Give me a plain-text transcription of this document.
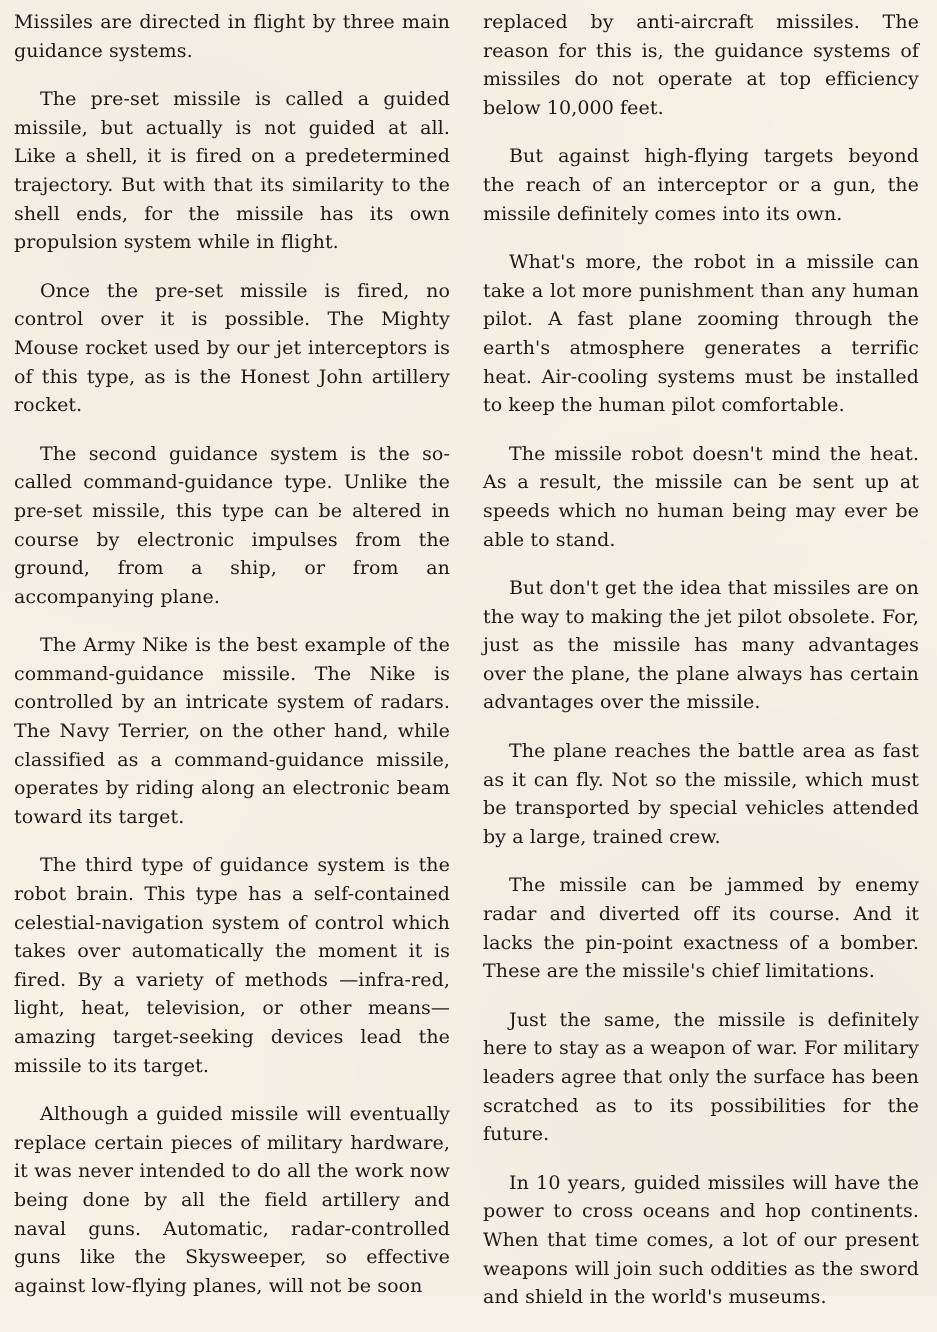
Missiles are directed in flight by three main guidance systems.

The pre-set missile is called a guided missile, but actually is not guided at all. Like a shell, it is fired on a predetermined trajectory. But with that its similarity to the shell ends, for the missile has its own propulsion system while in flight.

Once the pre-set missile is fired, no control over it is possible. The Mighty Mouse rocket used by our jet interceptors is of this type, as is the Honest John artillery rocket.

The second guidance system is the so-called command-guidance type. Unlike the pre-set missile, this type can be altered in course by electronic impulses from the ground, from a ship, or from an accompanying plane.

The Army Nike is the best example of the command-guidance missile. The Nike is controlled by an intricate system of radars. The Navy Terrier, on the other hand, while classified as a command-guidance missile, operates by riding along an electronic beam toward its target.

The third type of guidance system is the robot brain. This type has a self-contained celestial-navigation system of control which takes over automatically the moment it is fired. By a variety of methods —infra-red, light, heat, television, or other means—amazing target-seeking devices lead the missile to its target.

Although a guided missile will eventually replace certain pieces of military hardware, it was never intended to do all the work now being done by all the field artillery and naval guns. Automatic, radar-controlled guns like the Skysweeper, so effective against low-flying planes, will not be soon

replaced by anti-aircraft missiles. The reason for this is, the guidance systems of missiles do not operate at top efficiency below 10,000 feet.

But against high-flying targets beyond the reach of an interceptor or a gun, the missile definitely comes into its own.

What's more, the robot in a missile can take a lot more punishment than any human pilot. A fast plane zooming through the earth's atmosphere generates a terrific heat. Air-cooling systems must be installed to keep the human pilot comfortable.

The missile robot doesn't mind the heat. As a result, the missile can be sent up at speeds which no human being may ever be able to stand.

But don't get the idea that missiles are on the way to making the jet pilot obsolete. For, just as the missile has many advantages over the plane, the plane always has certain advantages over the missile.

The plane reaches the battle area as fast as it can fly. Not so the missile, which must be transported by special vehicles attended by a large, trained crew.

The missile can be jammed by enemy radar and diverted off its course. And it lacks the pin-point exactness of a bomber. These are the missile's chief limitations.

Just the same, the missile is definitely here to stay as a weapon of war. For military leaders agree that only the surface has been scratched as to its possibilities for the future.

In 10 years, guided missiles will have the power to cross oceans and hop continents. When that time comes, a lot of our present weapons will join such oddities as the sword and shield in the world's museums.
